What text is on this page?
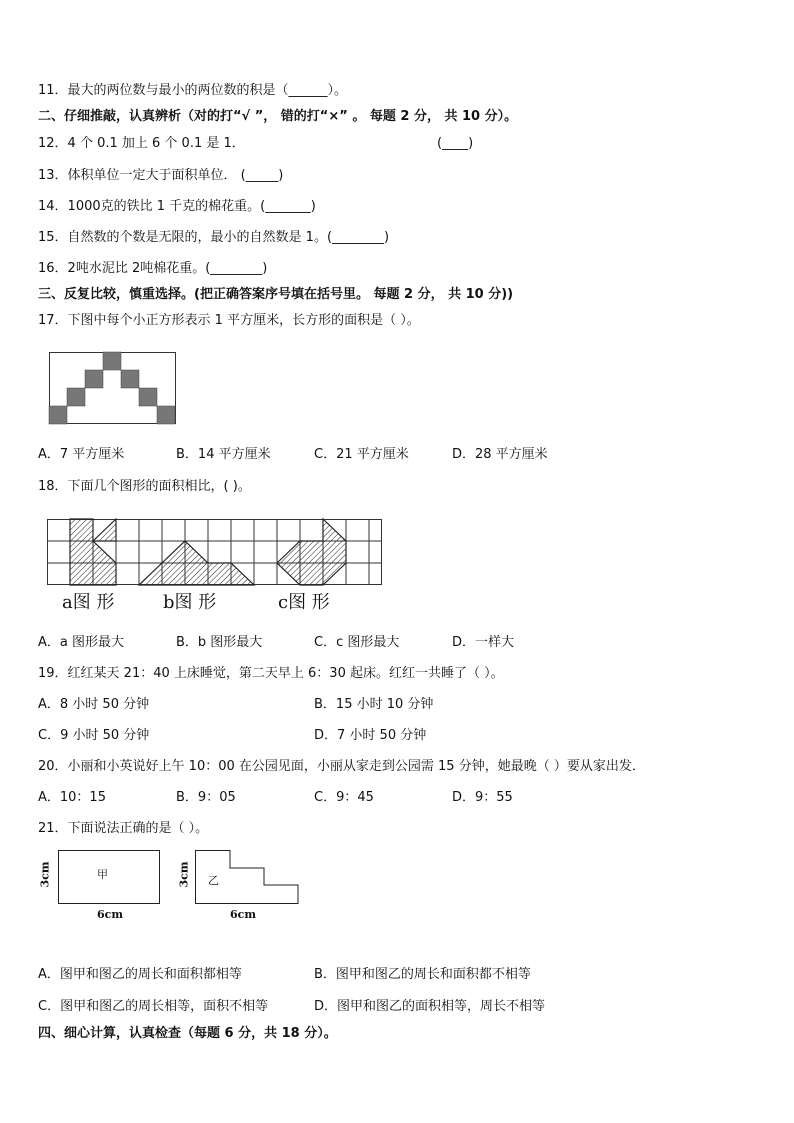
11．最大的两位数与最小的两位数的积是（______）。
二、仔细推敲，认真辨析（对的打“√ ”， 错的打“×” 。 每题 2 分， 共 10 分）。
12．4 个 0.1 加上 6 个 0.1 是 1．	(____)
13．体积单位一定大于面积单位． (_____)
14．1000克的铁比 1 千克的棉花重。(_______)
15．自然数的个数是无限的，最小的自然数是 1。(________)
16．2吨水泥比 2吨棉花重。(________)
三、反复比较，慎重选择。(把正确答案序号填在括号里。 每题 2 分， 共 10 分))
17．下图中每个小正方形表示 1 平方厘米，长方形的面积是（ ）。
A．7 平方厘米	B．14 平方厘米	C．21 平方厘米	D．28 平方厘米
18．下面几个图形的面积相比，( )。
a图 形	b图 形	c图 形
A．a 图形最大	B．b 图形最大	C．c 图形最大	D．一样大
19．红红某天 21：40 上床睡觉，第二天早上 6：30 起床。红红一共睡了（ ）。
A．8 小时 50 分钟	B．15 小时 10 分钟
C．9 小时 50 分钟	D．7 小时 50 分钟
20．小丽和小英说好上午 10：00 在公园见面，小丽从家走到公园需 15 分钟，她最晚（ ）要从家出发．
A．10：15	B．9：05	C．9：45	D．9：55
21．下面说法正确的是（ ）。
甲
3cm
6cm
乙
3cm
6cm
A．图甲和图乙的周长和面积都相等	B．图甲和图乙的周长和面积都不相等
C．图甲和图乙的周长相等，面积不相等	D．图甲和图乙的面积相等，周长不相等
四、细心计算，认真检查（每题 6 分，共 18 分）。
